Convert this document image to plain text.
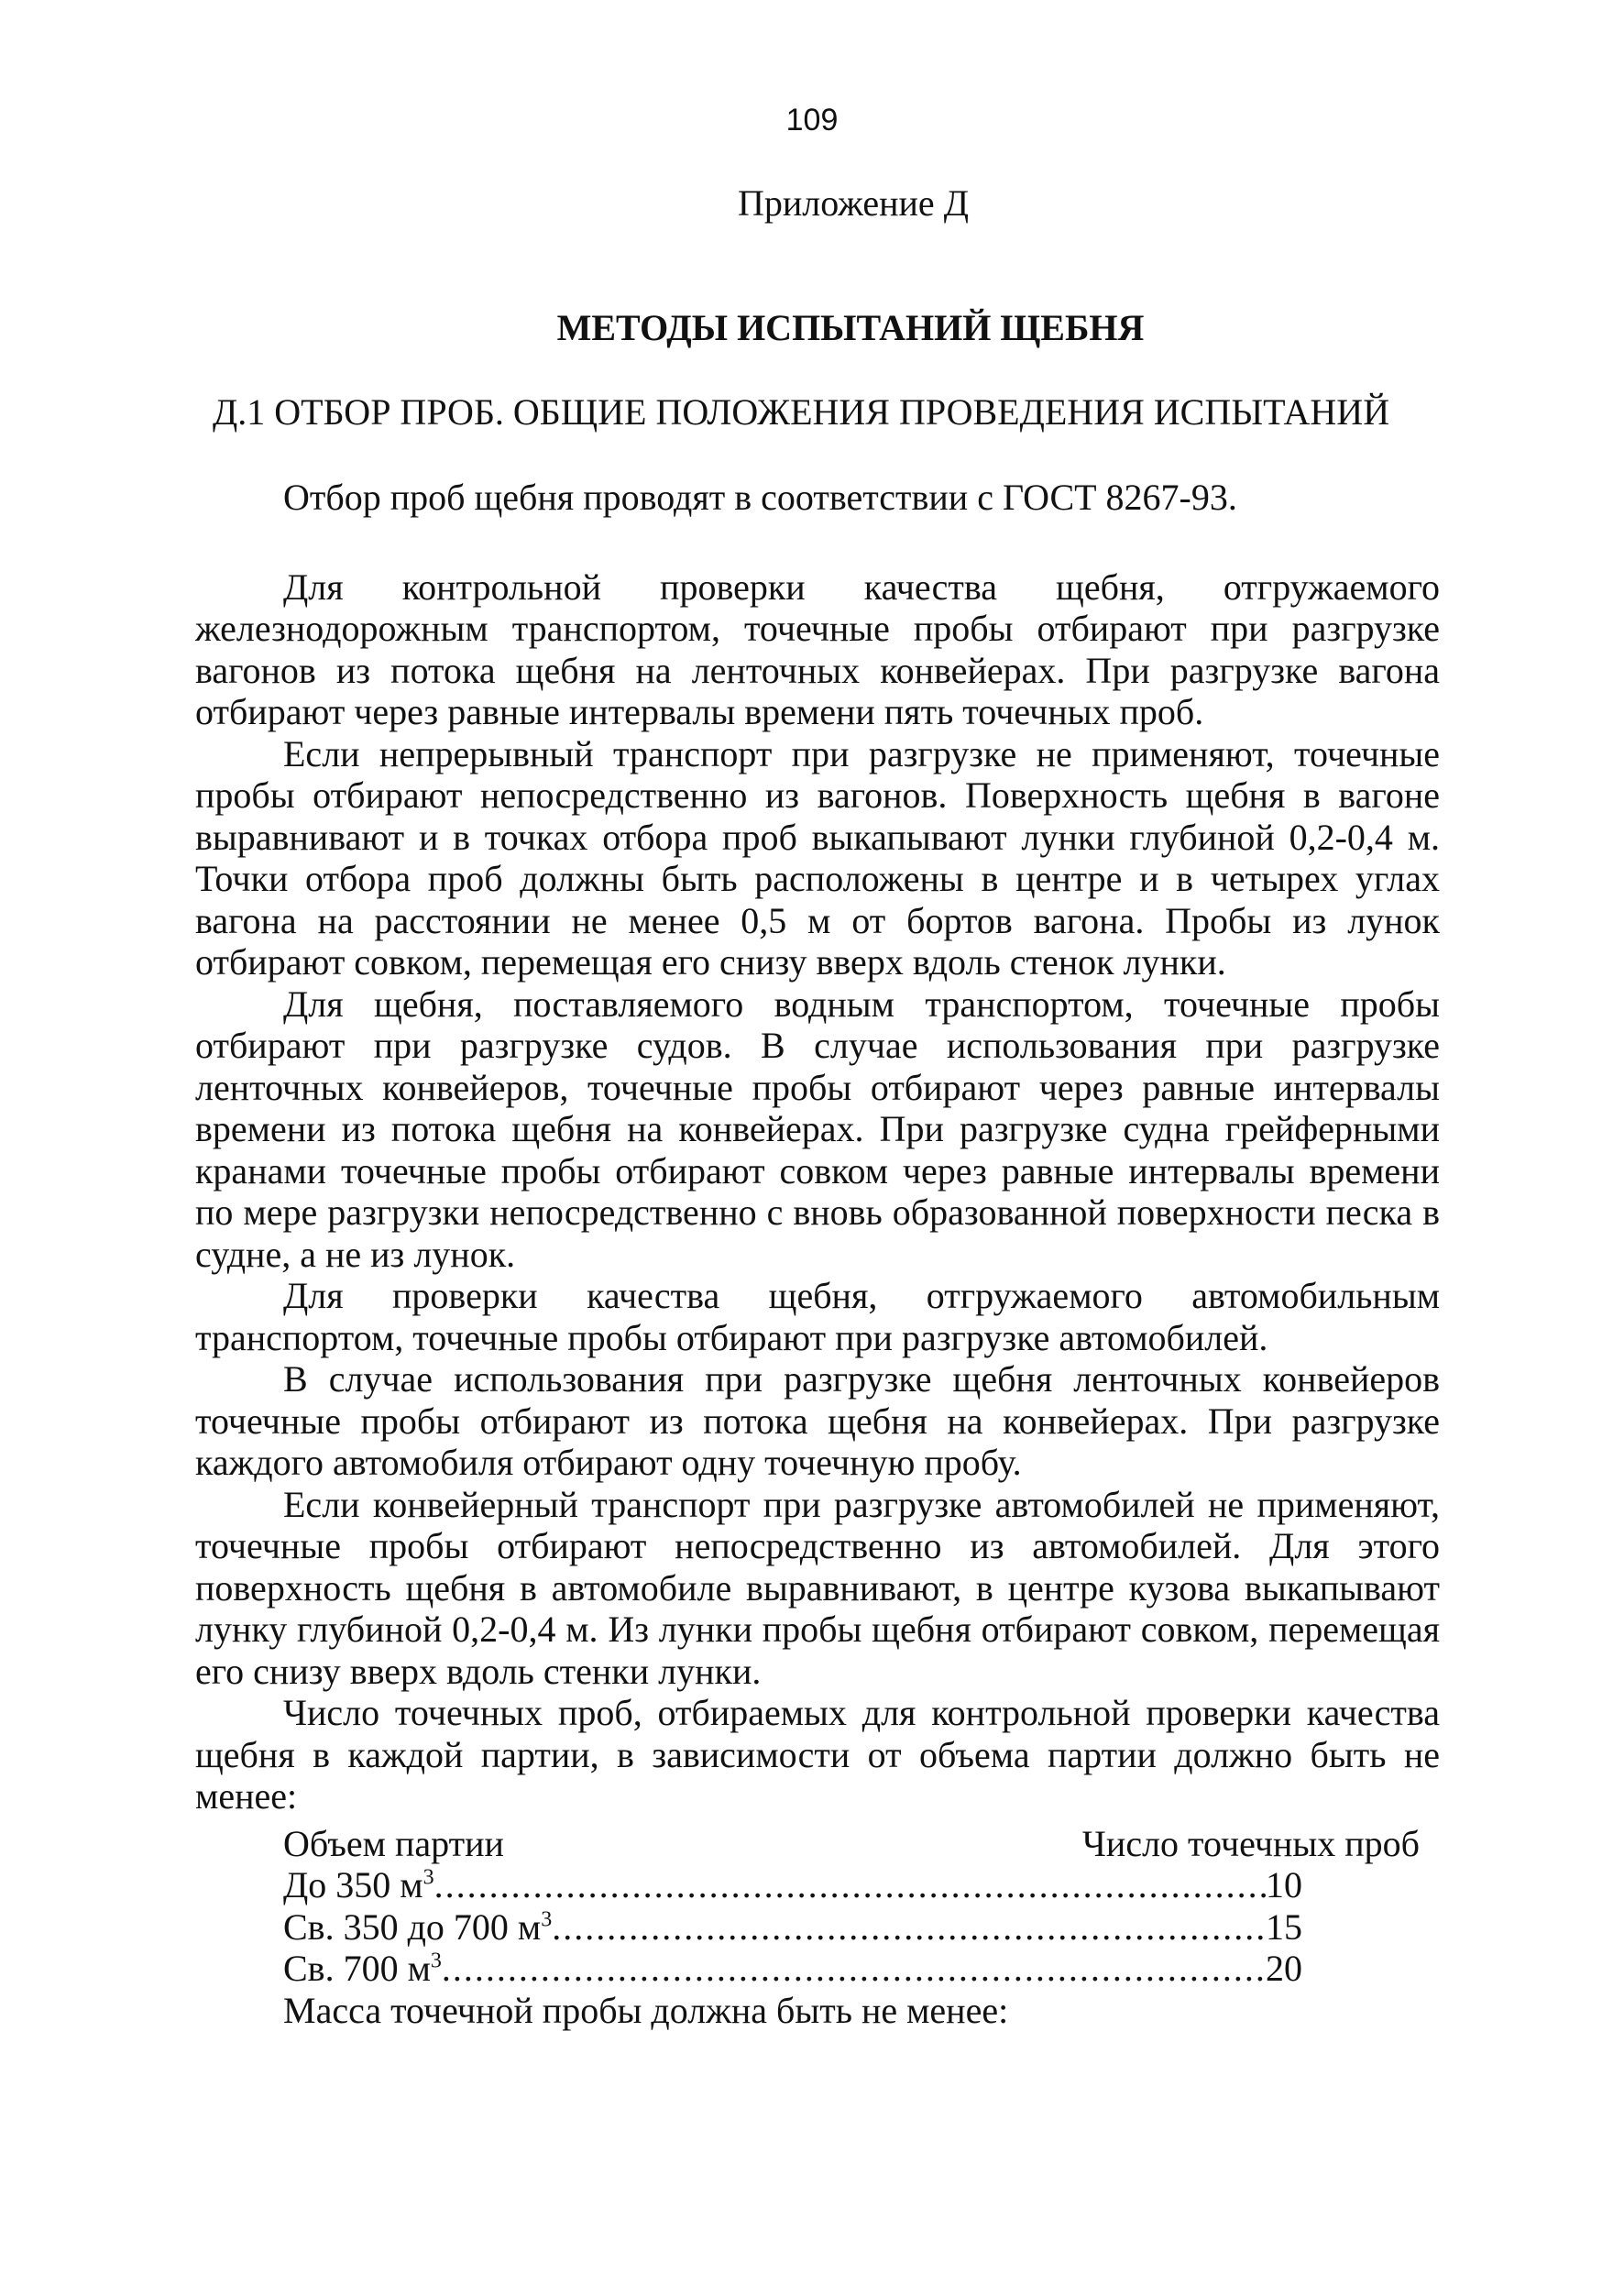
109
Приложение Д
МЕТОДЫ ИСПЫТАНИЙ ЩЕБНЯ
Д.1 ОТБОР ПРОБ. ОБЩИЕ ПОЛОЖЕНИЯ ПРОВЕДЕНИЯ ИСПЫТАНИЙ

Отбор проб щебня проводят в соответствии с ГОСТ 8267-93.

Для контрольной проверки качества щебня, отгружаемого железнодорожным транспортом, точечные пробы отбирают при разгрузке вагонов из потока щебня на ленточных конвейерах. При разгрузке вагона отбирают через равные интервалы времени пять точечных проб.

Если непрерывный транспорт при разгрузке не применяют, точечные пробы отбирают непосредственно из вагонов. Поверхность щебня в вагоне выравнивают и в точках отбора проб выкапывают лунки глубиной 0,2-0,4 м. Точки отбора проб должны быть расположены в центре и в четырех углах вагона на расстоянии не менее 0,5 м от бортов вагона. Пробы из лунок отбирают совком, перемещая его снизу вверх вдоль стенок лунки.

Для щебня, поставляемого водным транспортом, точечные пробы отбирают при разгрузке судов. В случае использования при разгрузке ленточных конвейеров, точечные пробы отбирают через равные интервалы времени из потока щебня на конвейерах. При разгрузке судна грейферными кранами точечные пробы отбирают совком через равные интервалы времени по мере разгрузки непосредственно с вновь образованной поверхности песка в судне, а не из лунок.

Для проверки качества щебня, отгружаемого автомобильным транспортом, точечные пробы отбирают при разгрузке автомобилей.

В случае использования при разгрузке щебня ленточных конвейеров точечные пробы отбирают из потока щебня на конвейерах. При разгрузке каждого автомобиля отбирают одну точечную пробу.

Если конвейерный транспорт при разгрузке автомобилей не применяют, точечные пробы отбирают непосредственно из автомобилей. Для этого поверхность щебня в автомобиле выравнивают, в центре кузова выкапывают лунку глубиной 0,2-0,4 м. Из лунки пробы щебня отбирают совком, перемещая его снизу вверх вдоль стенки лунки.

Число точечных проб, отбираемых для контрольной проверки качества щебня в каждой партии, в зависимости от объема партии должно быть не менее:

Объем партии	Число точечных проб
До 350 $м^3$ .....	10
Св. 350 до 700 $м^3$ .....	15
Св. 700 $м^3$ .....	20

Масса точечной пробы должна быть не менее:
